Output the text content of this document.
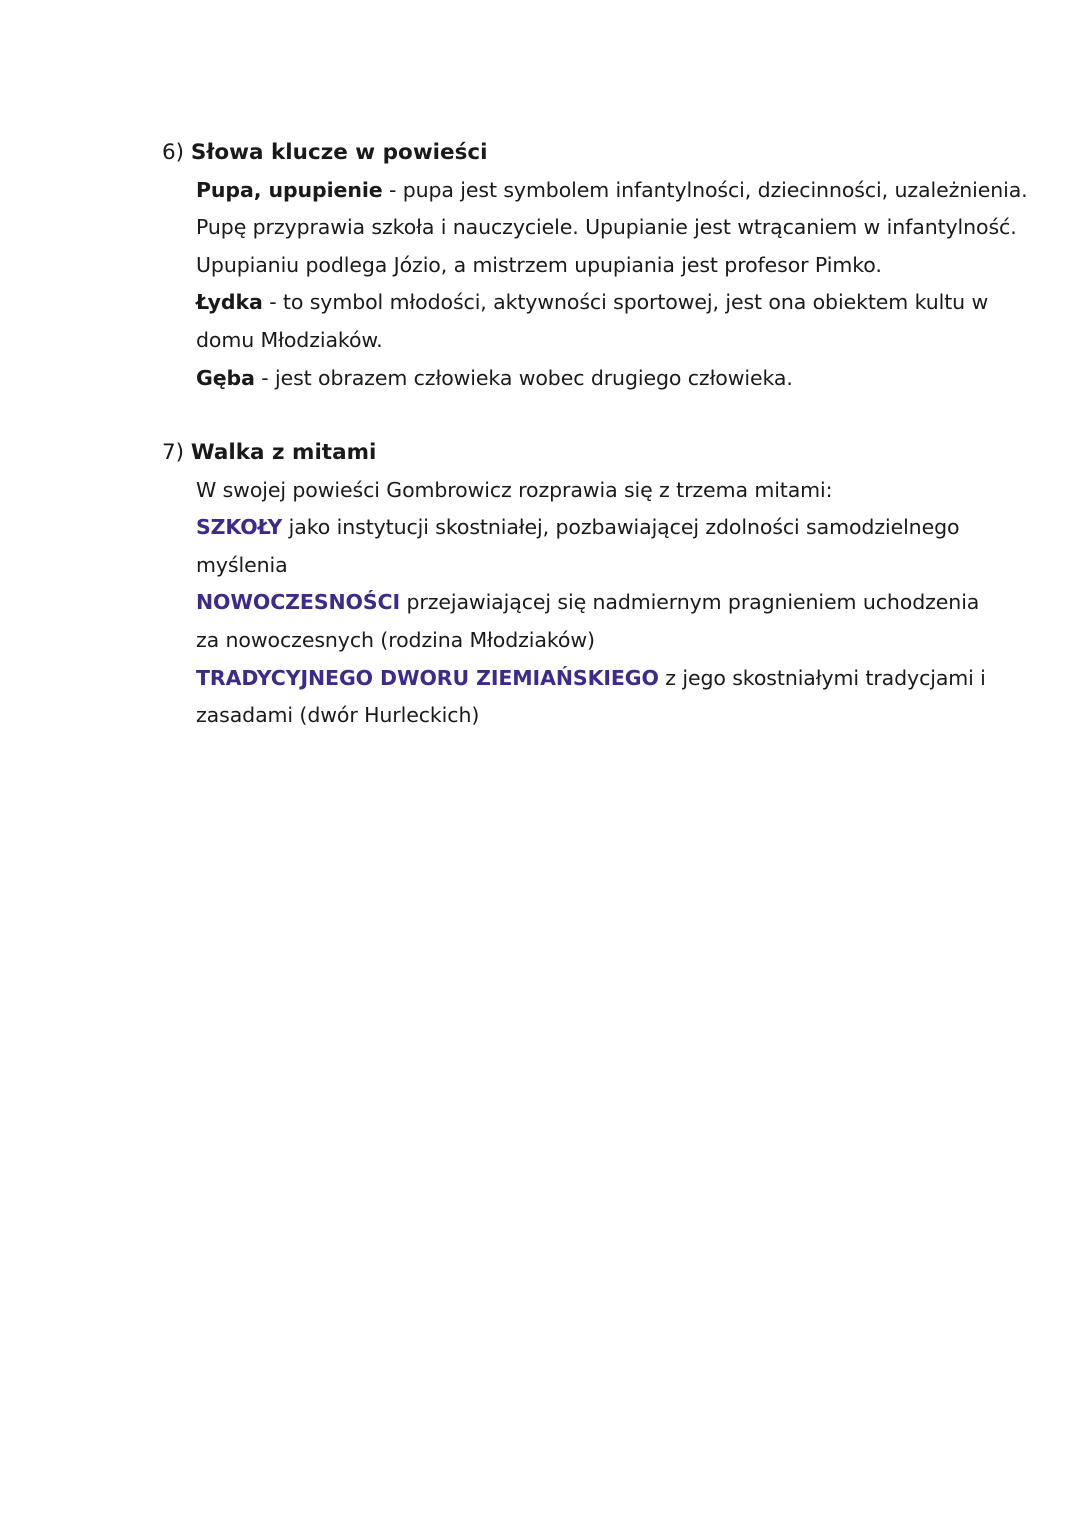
6) Słowa klucze w powieści
Pupa, upupienie - pupa jest symbolem infantylności, dziecinności, uzależnienia.
Pupę przyprawia szkoła i nauczyciele. Upupianie jest wtrącaniem w infantylność.
Upupianiu podlega Józio, a mistrzem upupiania jest profesor Pimko.
Łydka - to symbol młodości, aktywności sportowej, jest ona obiektem kultu w
domu Młodziaków.
Gęba - jest obrazem człowieka wobec drugiego człowieka.
7) Walka z mitami
W swojej powieści Gombrowicz rozprawia się z trzema mitami:
SZKOŁY jako instytucji skostniałej, pozbawiającej zdolności samodzielnego
myślenia
NOWOCZESNOŚCI przejawiającej się nadmiernym pragnieniem uchodzenia
za nowoczesnych (rodzina Młodziaków)
TRADYCYJNEGO DWORU ZIEMIAŃSKIEGO z jego skostniałymi tradycjami i
zasadami (dwór Hurleckich)
